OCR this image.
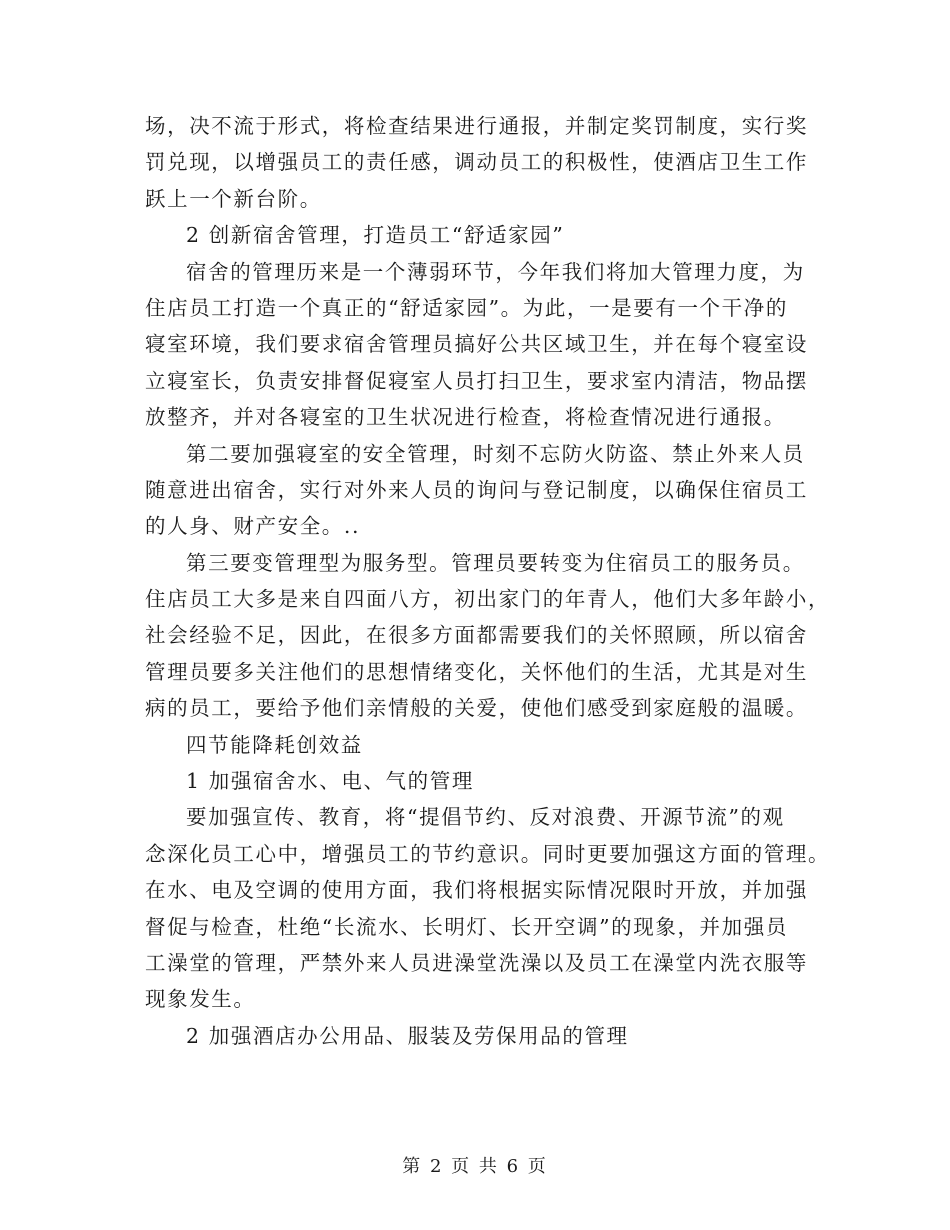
场，决不流于形式，将检查结果进行通报，并制定奖罚制度，实行奖
罚兑现，以增强员工的责任感，调动员工的积极性，使酒店卫生工作
跃上一个新台阶。
2 创新宿舍管理，打造员工“舒适家园”
宿舍的管理历来是一个薄弱环节，今年我们将加大管理力度，为
住店员工打造一个真正的“舒适家园”。为此，一是要有一个干净的
寝室环境，我们要求宿舍管理员搞好公共区域卫生，并在每个寝室设
立寝室长，负责安排督促寝室人员打扫卫生，要求室内清洁，物品摆
放整齐，并对各寝室的卫生状况进行检查，将检查情况进行通报。
第二要加强寝室的安全管理，时刻不忘防火防盗、禁止外来人员
随意进出宿舍，实行对外来人员的询问与登记制度，以确保住宿员工
的人身、财产安全。..
第三要变管理型为服务型。管理员要转变为住宿员工的服务员。
住店员工大多是来自四面八方，初出家门的年青人，他们大多年龄小，
社会经验不足，因此，在很多方面都需要我们的关怀照顾，所以宿舍
管理员要多关注他们的思想情绪变化，关怀他们的生活，尤其是对生
病的员工，要给予他们亲情般的关爱，使他们感受到家庭般的温暖。
四节能降耗创效益
1 加强宿舍水、电、气的管理
要加强宣传、教育，将“提倡节约、反对浪费、开源节流”的观
念深化员工心中，增强员工的节约意识。同时更要加强这方面的管理。
在水、电及空调的使用方面，我们将根据实际情况限时开放，并加强
督促与检查，杜绝“长流水、长明灯、长开空调”的现象，并加强员
工澡堂的管理，严禁外来人员进澡堂洗澡以及员工在澡堂内洗衣服等
现象发生。
2 加强酒店办公用品、服装及劳保用品的管理
第 2 页 共 6 页
